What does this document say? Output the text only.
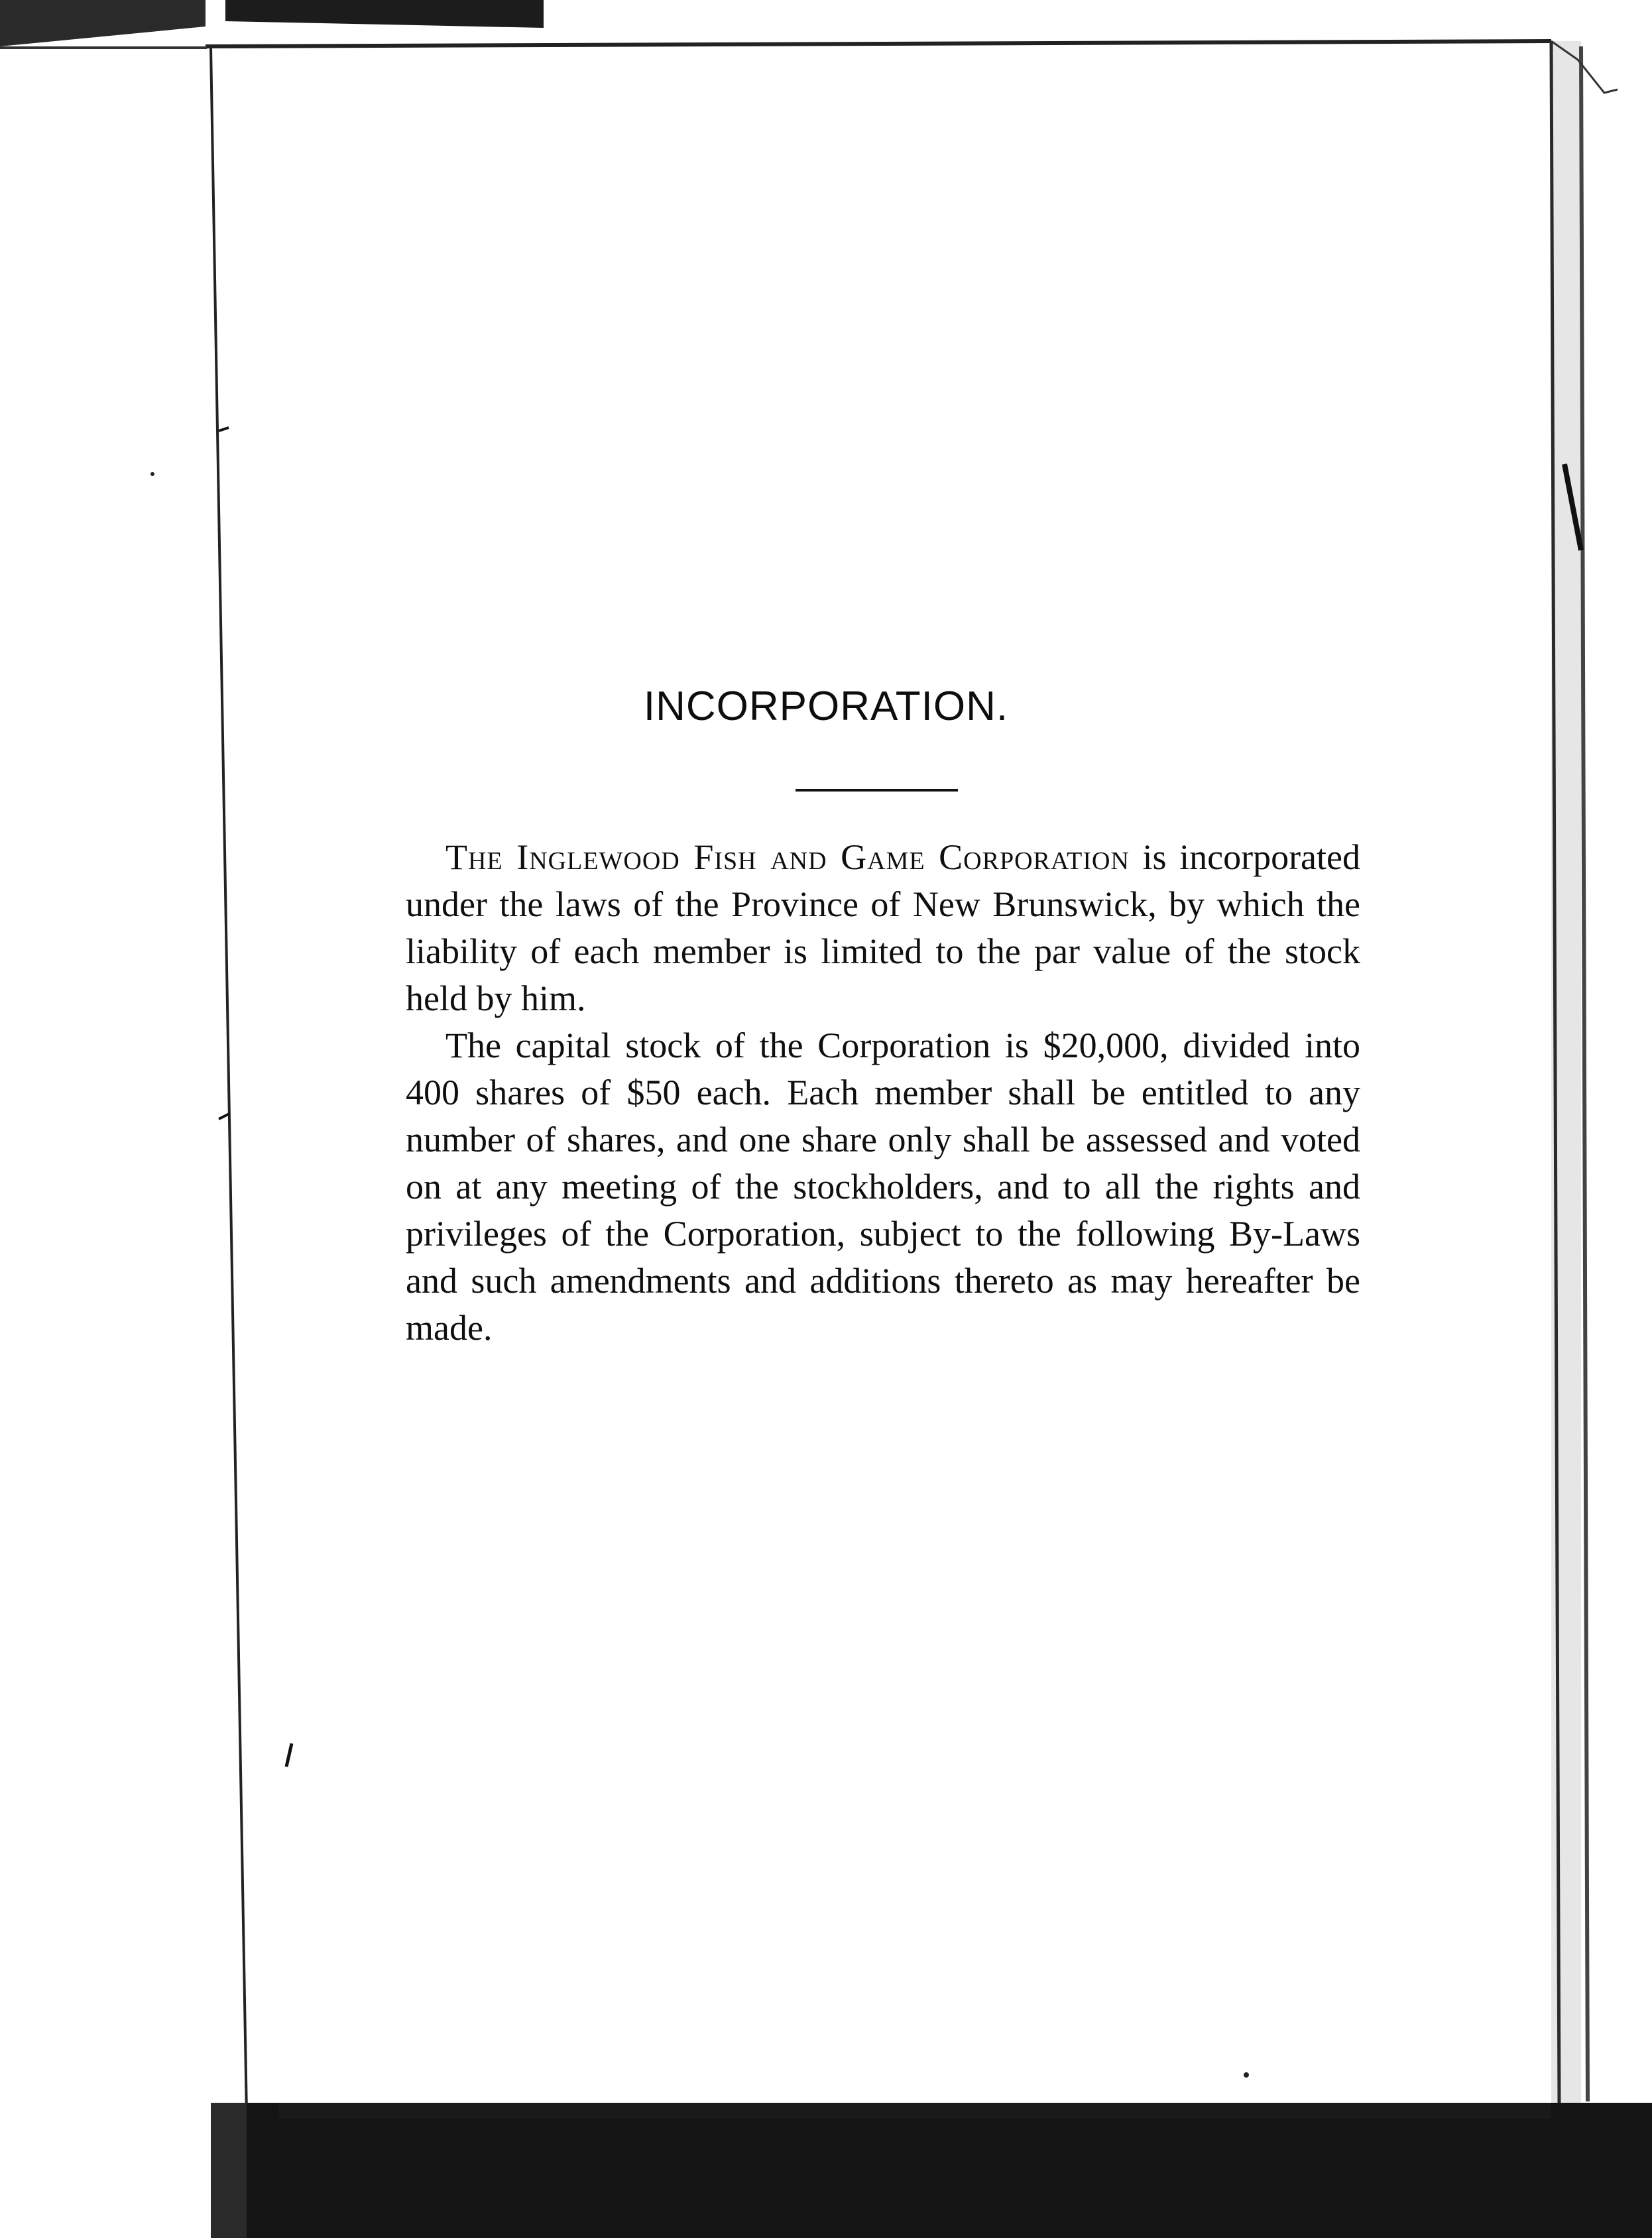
INCORPORATION.

The Inglewood Fish and Game Corporation is incorporated under the laws of the Province of New Brunswick, by which the liability of each member is limited to the par value of the stock held by him.

The capital stock of the Corporation is $20,000, divided into 400 shares of $50 each. Each member shall be entitled to any number of shares, and one share only shall be assessed and voted on at any meeting of the stockholders, and to all the rights and privileges of the Corporation, subject to the following By-Laws and such amendments and additions thereto as may hereafter be made.
